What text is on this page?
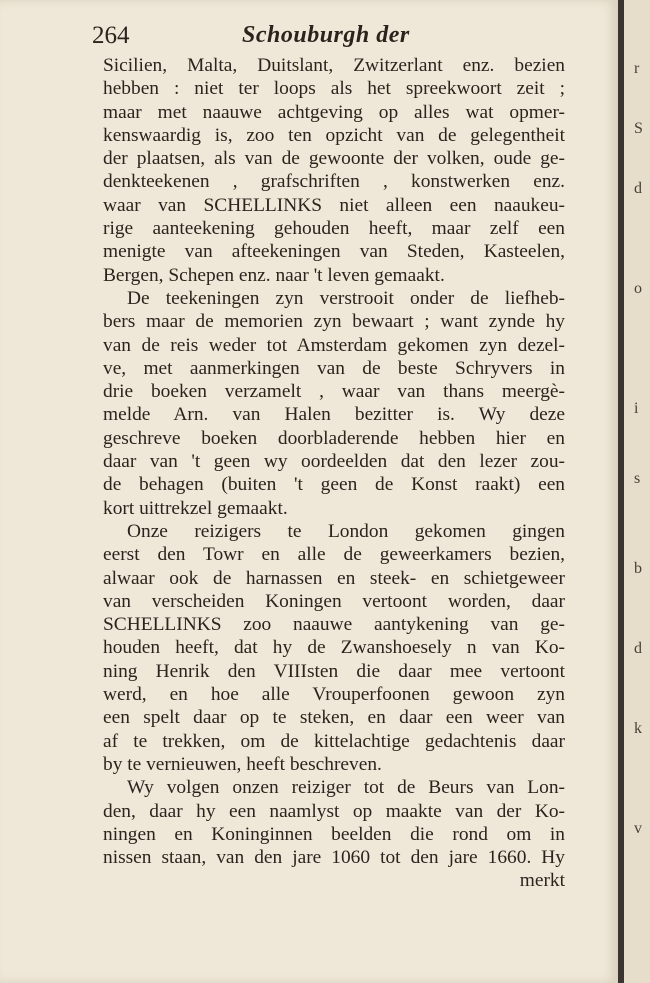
264	Schouburgh der
Sicilien, Malta, Duitslant, Zwitzerlant enz. bezien
hebben : niet ter loops als het spreekwoort zeit ;
maar met naauwe achtgeving op alles wat opmer-
kenswaardig is, zoo ten opzicht van de gelegentheit
der plaatsen, als van de gewoonte der volken, oude ge-
denkteekenen , grafschriften , konstwerken enz.
waar van SCHELLINKS niet alleen een naaukeu-
rige aanteekening gehouden heeft, maar zelf een
menigte van afteekeningen van Steden, Kasteelen,
Bergen, Schepen enz. naar 't leven gemaakt.
De teekeningen zyn verstrooit onder de liefheb-
bers maar de memorien zyn bewaart ; want zynde hy
van de reis weder tot Amsterdam gekomen zyn dezel-
ve, met aanmerkingen van de beste Schryvers in
drie boeken verzamelt , waar van thans meergè-
melde Arn. van Halen bezitter is. Wy deze
geschreve boeken doorbladerende hebben hier en
daar van 't geen wy oordeelden dat den lezer zou-
de behagen (buiten 't geen de Konst raakt) een
kort uittrekzel gemaakt.
Onze reizigers te London gekomen gingen
eerst den Towr en alle de geweerkamers bezien,
alwaar ook de harnassen en steek- en schietgeweer
van verscheiden Koningen vertoont worden, daar
SCHELLINKS zoo naauwe aantykening van ge-
houden heeft, dat hy de Zwanshoesely n van Ko-
ning Henrik den VIIIsten die daar mee vertoont
werd, en hoe alle Vrouperfoonen gewoon zyn
een spelt daar op te steken, en daar een weer van
af te trekken, om de kittelachtige gedachtenis daar
by te vernieuwen, heeft beschreven.
Wy volgen onzen reiziger tot de Beurs van Lon-
den, daar hy een naamlyst op maakte van der Ko-
ningen en Koninginnen beelden die rond om in
nissen staan, van den jare 1060 tot den jare 1660. Hy
merkt
r
S
d
o
i
s
b
d
k
v
